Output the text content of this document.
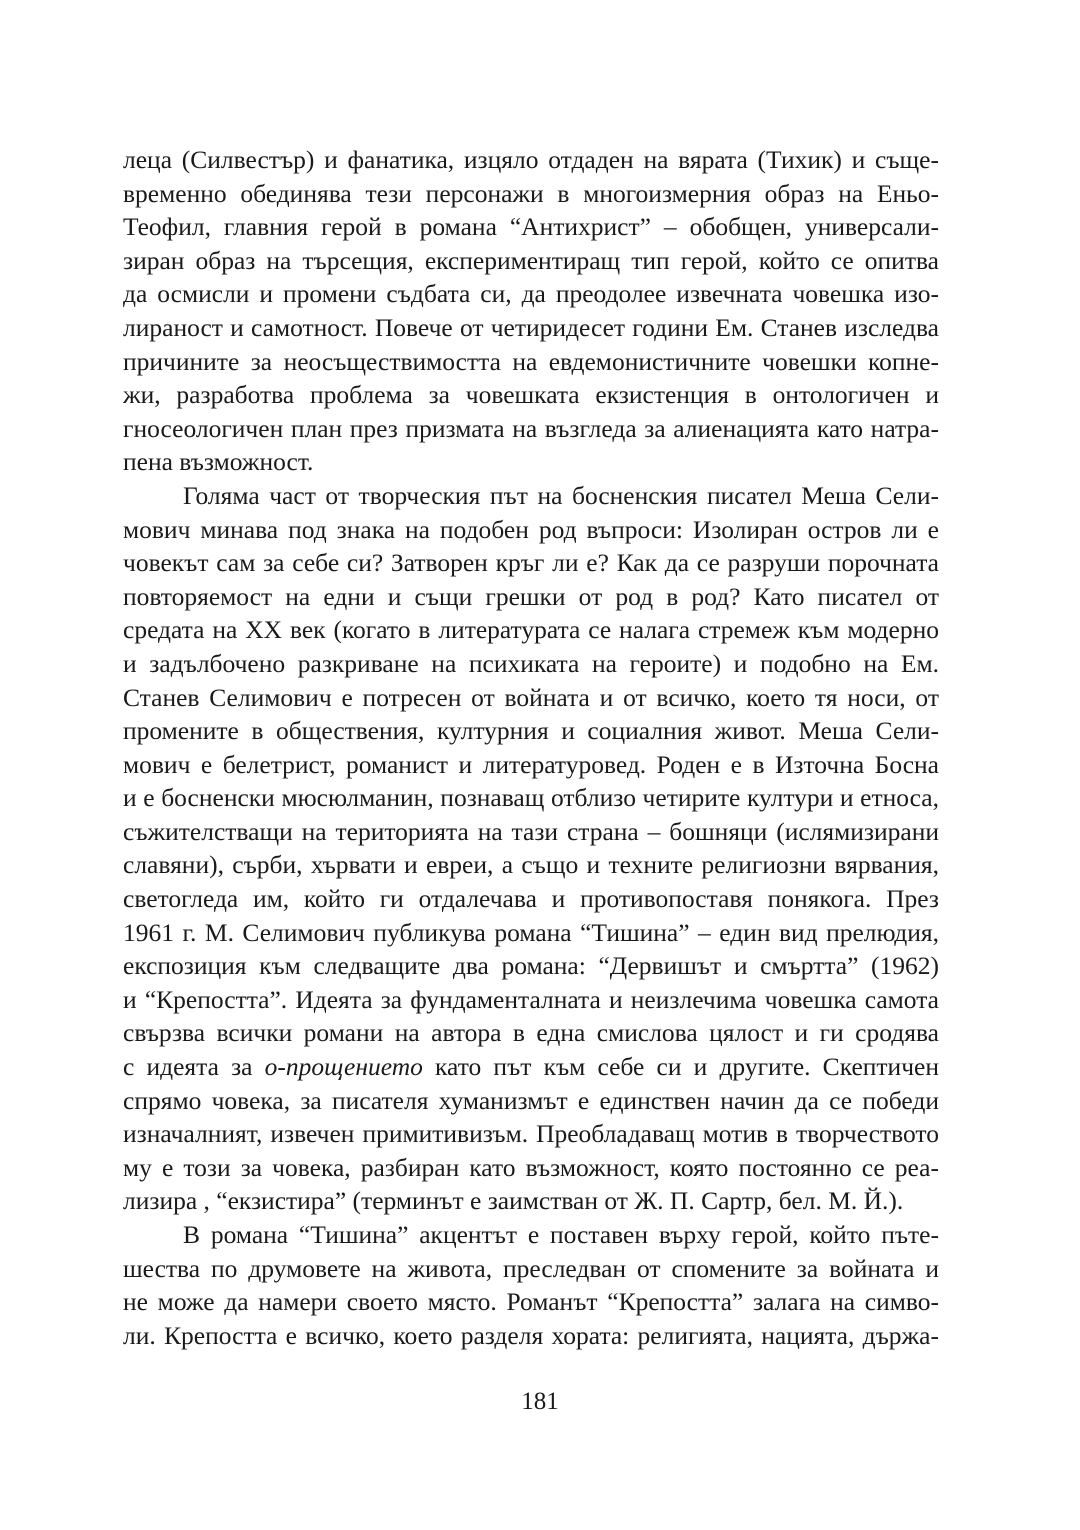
леца (Силвестър) и фанатика, изцяло отдаден на вярата (Тихик) и същe-
временно обединява тези персонажи в многоизмерния образ на Еньо-
Теофил, главния герой в романа “Антихрист” – обобщен, универсали-
зиран образ на търсещия, експериментиращ тип герой, който се опитва
да осмисли и промени съдбата си, да преодолее извечната човешка изо-
лираност и самотност. Повече от четиридесет години Ем. Станев изследва
причините за неосъществимостта на евдемонистичните човешки копне-
жи, разработва проблема за човешката екзистенция в онтологичен и
гносеологичен план през призмата на възгледа за алиенацията като натра-
пена възможност.
Голяма част от творческия път на босненския писател Меша Сели-
мович минава под знака на подобен род въпроси: Изолиран остров ли е
човекът сам за себе си? Затворен кръг ли е? Как да се разруши порочната
повторяемост на едни и същи грешки от род в род? Като писател от
средата на XX век (когато в литературата се налага стремеж към модерно
и задълбочено разкриване на психиката на героите) и подобно на Ем.
Станев Селимович е потресен от войната и от всичко, което тя носи, от
промените в обществения, културния и социалния живот. Меша Сели-
мович е белетрист, романист и литературовед. Роден е в Източна Босна
и е босненски мюсюлманин, познаващ отблизо четирите култури и етноса,
съжителстващи на територията на тази страна – бошняци (ислямизирани
славяни), сърби, хървати и евреи, а също и техните религиозни вярвания,
светогледа им, който ги отдалечава и противопоставя понякога. През
1961 г. М. Селимович публикува романа “Тишина” – един вид прелюдия,
експозиция към следващите два романа: “Дервишът и смъртта” (1962)
и “Крепостта”. Идеята за фундаменталната и неизлечима човешка самота
свързва всички романи на автора в една смислова цялост и ги сродява
с идеята за о-прощението като път към себе си и другите. Скептичен
спрямо човека, за писателя хуманизмът е единствен начин да се победи
изначалният, извечен примитивизъм. Преобладаващ мотив в творчеството
му е този за човека, разбиран като възможност, която постоянно се реа-
лизира , “екзистира” (терминът е заимстван от Ж. П. Сартр, бел. М. Й.).
В романа “Тишина” акцентът е поставен върху герой, който пъте-
шества по друмовете на живота, преследван от спомените за войната и
не може да намери своето място. Романът “Крепостта” залага на симво-
ли. Крепостта е всичко, което разделя хората: религията, нацията, държа-
181
